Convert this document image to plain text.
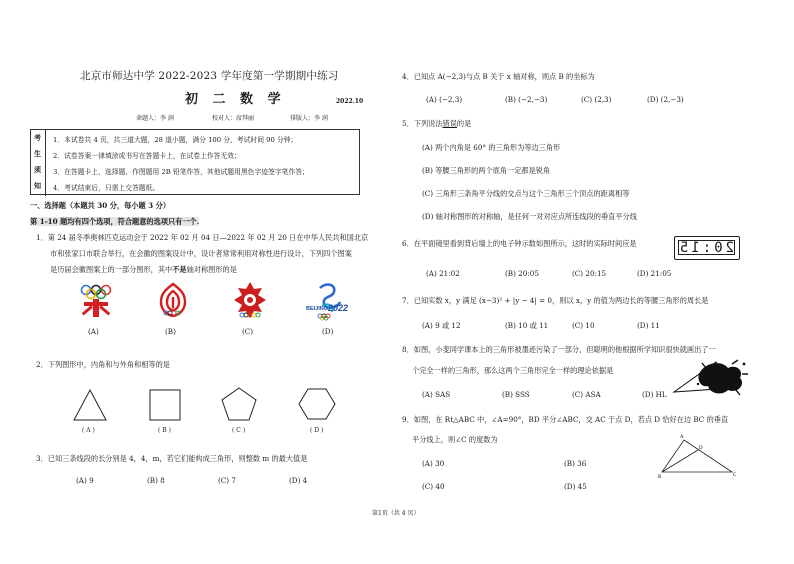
北京市师达中学 2022-2023 学年度第一学期期中练习
初 二 数 学	2022.10
命题人：李 润	校对人：席拜丽	排版人：李 润
考
生
须
知
1．本试卷共 4 页，共三道大题，28 道小题，满分 100 分，考试时间 90 分钟；
2．试卷答案一律填涂或书写在答题卡上，在试卷上作答无效；
3．在答题卡上，选择题、作图题用 2B 铅笔作答，其他试题用黑色字迹签字笔作答；
4．考试结束后，只需上交答题纸。
一、选择题（本题共 30 分，每小题 3 分）
第 1-10 题均有四个选项，符合题意的选项只有一个.
1．第 24 届冬季奥林匹克运动会于 2022 年 02 月 04 日—2022 年 02 月 20 日在中华人民共和国北京
市和张家口市联合举行，在会徽的图案设计中，设计者常常利用对称性进行设计，下列四个图案
是历届会徽图案上的一部分图形，其中不是轴对称图形的是
BEIJING 2022
(A)	(B)	(C)	(D)
2．下列图形中，内角和与外角和相等的是
( A )	( B )	( C )	( D )
3．已知三条线段的长分别是 4，4，m，若它们能构成三角形，则整数 m 的最大值是
(A) 9	(B) 8	(C) 7	(D) 4
4．已知点 A(−2,3)与点 B 关于 x 轴对称，则点 B 的坐标为
(A) (−2,3)	(B) (−2,−3)	(C) (2,3)	(D) (2,−3)
5．下列说法错误的是
(A) 两个内角是 60° 的三角形为等边三角形
(B) 等腰三角形的两个底角一定都是锐角
(C) 三角形三条角平分线的交点与这个三角形三个顶点的距离相等
(D) 轴对称图形的对称轴，是任何一对对应点所连线段的垂直平分线
6．在平面镜里看到背后墙上的电子钟示数如图所示，这时的实际时间应是	20:15
(A) 21:02	(B) 20:05	(C) 20:15	(D) 21:05
7．已知实数 x，y 满足 (x−3)² + |y − 4| = 0，则以 x，y 的值为两边长的等腰三角形的周长是
(A) 9 或 12	(B) 10 或 11	(C) 10	(D) 11
8．如图，小斐同学课本上的三角形被墨迹污染了一部分，但聪明的他根据所学知识很快就画出了一
个完全一样的三角形，那么这两个三角形完全一样的理论依据是
(A) SAS	(B) SSS	(C) ASA	(D) HL
9．如图，在 Rt△ABC 中，∠A=90°，BD 平分∠ABC，交 AC 于点 D，若点 D 恰好在边 BC 的垂直
平分线上，则∠C 的度数为	A
D
B	C
(A) 30	(B) 36
(C) 40	(D) 45
第1页（共 4 页）
